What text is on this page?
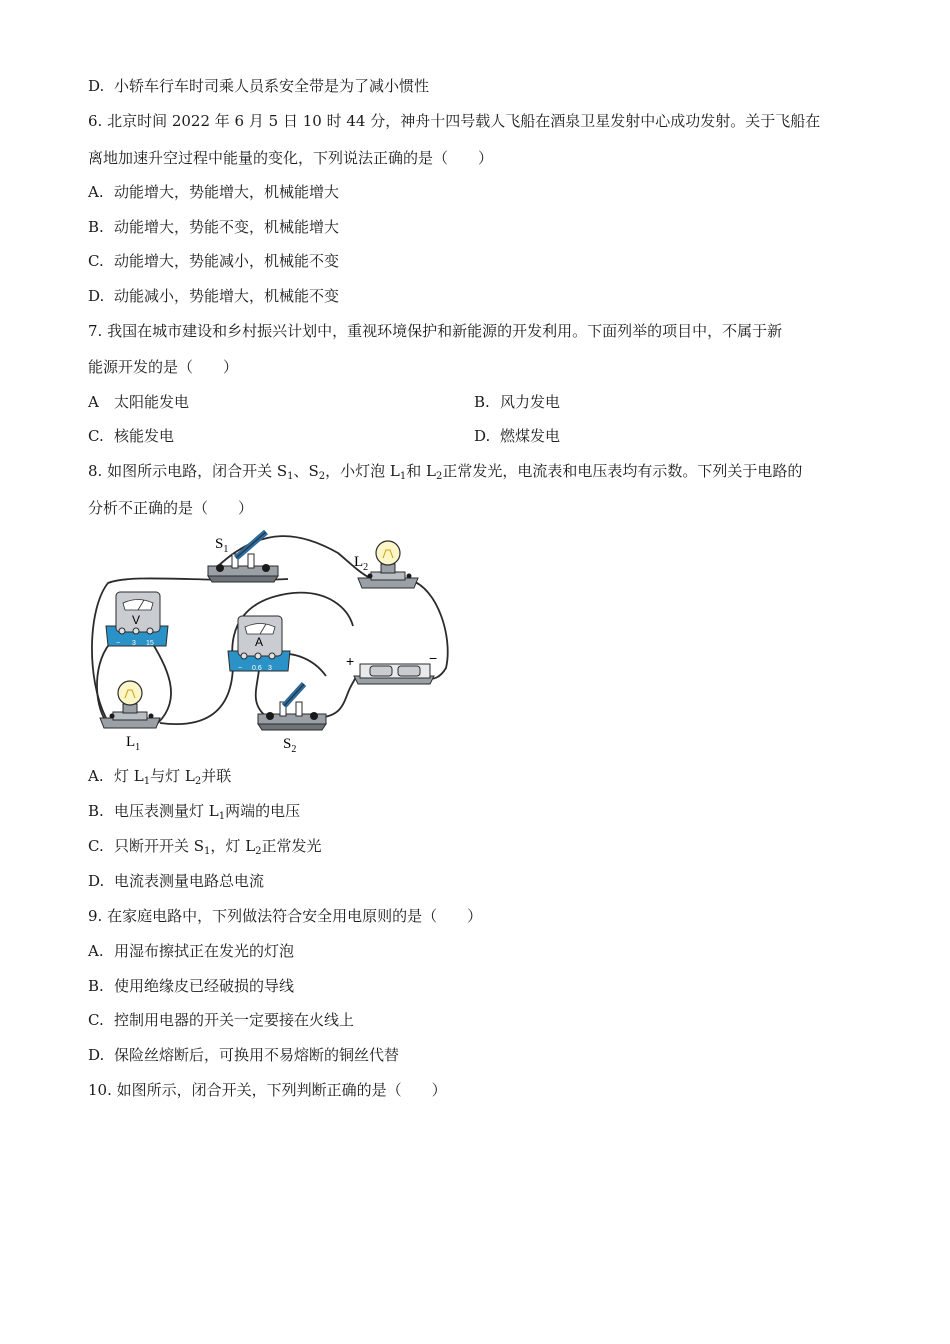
D. 小轿车行车时司乘人员系安全带是为了减小惯性
6. 北京时间 2022 年 6 月 5 日 10 时 44 分，神舟十四号载人飞船在酒泉卫星发射中心成功发射。关于飞船在
离地加速升空过程中能量的变化，下列说法正确的是（　　）
A. 动能增大，势能增大，机械能增大
B. 动能增大，势能不变，机械能增大
C. 动能增大，势能减小，机械能不变
D. 动能减小，势能增大，机械能不变
7. 我国在城市建设和乡村振兴计划中，重视环境保护和新能源的开发利用。下面列举的项目中，不属于新
能源开发的是（　　）
A 太阳能发电	B. 风力发电
C. 核能发电	D. 燃煤发电
8. 如图所示电路，闭合开关 $S_1$、$S_2$，小灯泡 $L_1$和 $L_2$正常发光，电流表和电压表均有示数。下列关于电路的
分析不正确的是（　　）
$S_1$
$L_2$
V
− 3 15	A
− 0.6 3	+	−
$L_1$	$S_2$
A. 灯 $L_1$与灯 $L_2$并联
B. 电压表测量灯 $L_1$两端的电压
C. 只断开开关 $S_1$，灯 $L_2$正常发光
D. 电流表测量电路总电流
9. 在家庭电路中，下列做法符合安全用电原则的是（　　）
A. 用湿布擦拭正在发光的灯泡
B. 使用绝缘皮已经破损的导线
C. 控制用电器的开关一定要接在火线上
D. 保险丝熔断后，可换用不易熔断的铜丝代替
10. 如图所示，闭合开关，下列判断正确的是（　　）
